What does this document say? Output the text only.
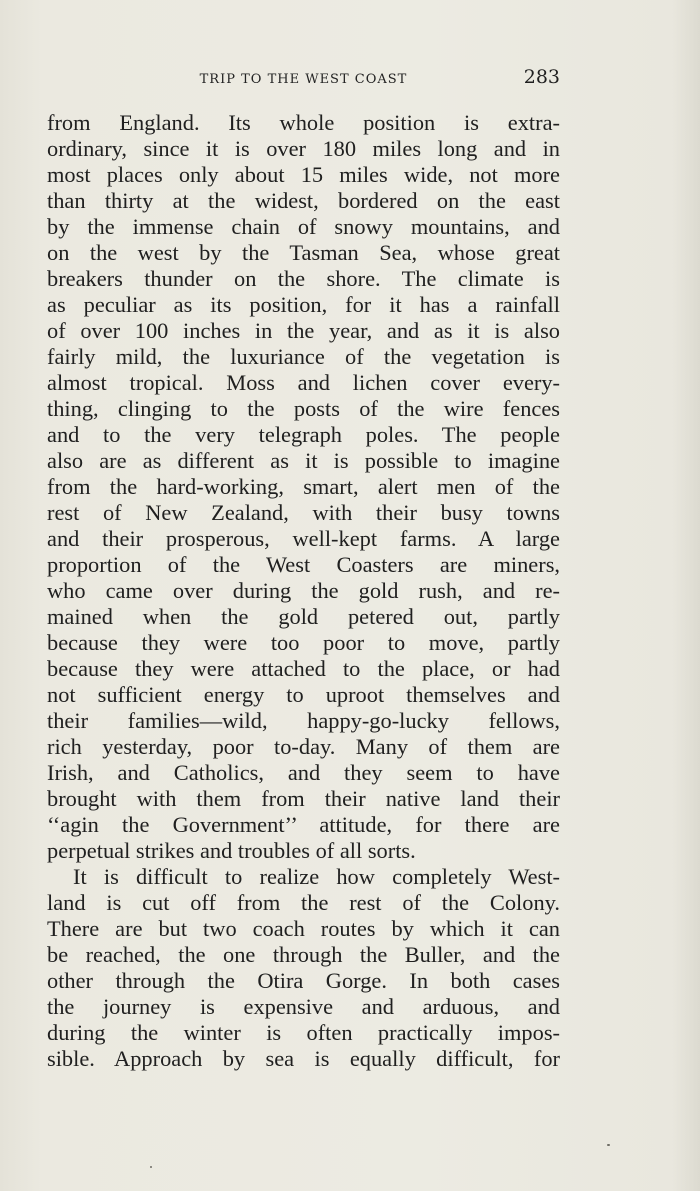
TRIP TO THE WEST COAST	283
from England. Its whole position is extra-
ordinary, since it is over 180 miles long and in
most places only about 15 miles wide, not more
than thirty at the widest, bordered on the east
by the immense chain of snowy mountains, and
on the west by the Tasman Sea, whose great
breakers thunder on the shore. The climate is
as peculiar as its position, for it has a rainfall
of over 100 inches in the year, and as it is also
fairly mild, the luxuriance of the vegetation is
almost tropical. Moss and lichen cover every-
thing, clinging to the posts of the wire fences
and to the very telegraph poles. The people
also are as different as it is possible to imagine
from the hard-working, smart, alert men of the
rest of New Zealand, with their busy towns
and their prosperous, well-kept farms. A large
proportion of the West Coasters are miners,
who came over during the gold rush, and re-
mained when the gold petered out, partly
because they were too poor to move, partly
because they were attached to the place, or had
not sufficient energy to uproot themselves and
their families—wild, happy-go-lucky fellows,
rich yesterday, poor to-day. Many of them are
Irish, and Catholics, and they seem to have
brought with them from their native land their
‘‘agin the Government’’ attitude, for there are
perpetual strikes and troubles of all sorts.
It is difficult to realize how completely West-
land is cut off from the rest of the Colony.
There are but two coach routes by which it can
be reached, the one through the Buller, and the
other through the Otira Gorge. In both cases
the journey is expensive and arduous, and
during the winter is often practically impos-
sible. Approach by sea is equally difficult, for
